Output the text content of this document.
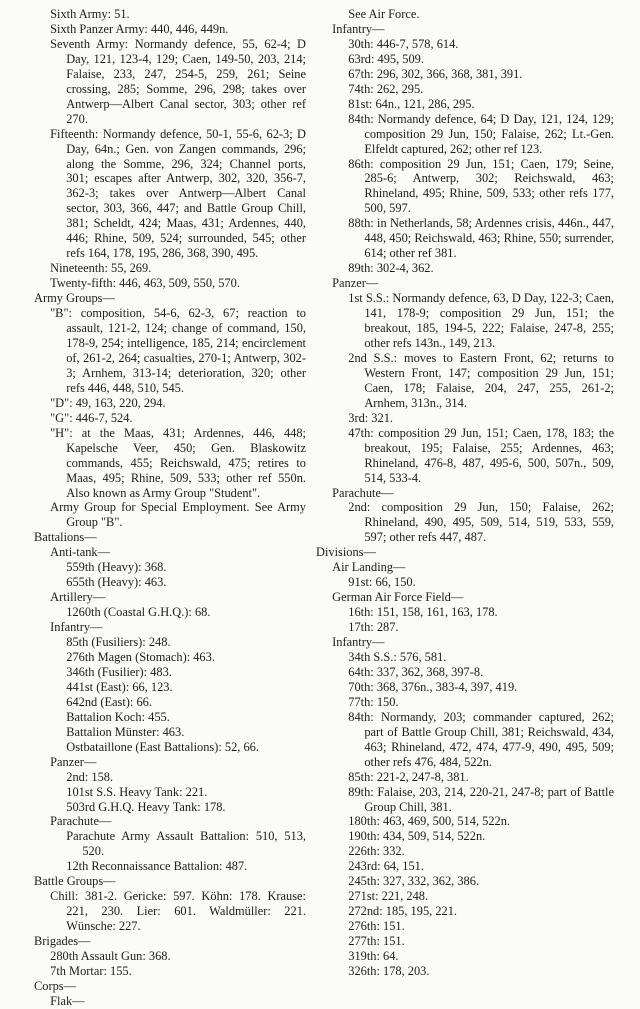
Sixth Army: 51.
Sixth Panzer Army: 440, 446, 449n.
Seventh Army: Normandy defence, 55, 62-4; D Day, 121, 123-4, 129; Caen, 149-50, 203, 214; Falaise, 233, 247, 254-5, 259, 261; Seine crossing, 285; Somme, 296, 298; takes over Antwerp—Albert Canal sector, 303; other ref 270.
Fifteenth: Normandy defence, 50-1, 55-6, 62-3; D Day, 64n.; Gen. von Zangen commands, 296; along the Somme, 296, 324; Channel ports, 301; escapes after Antwerp, 302, 320, 356-7, 362-3; takes over Antwerp—Albert Canal sector, 303, 366, 447; and Battle Group Chill, 381; Scheldt, 424; Maas, 431; Ardennes, 440, 446; Rhine, 509, 524; surrounded, 545; other refs 164, 178, 195, 286, 368, 390, 495.
Nineteenth: 55, 269.
Twenty-fifth: 446, 463, 509, 550, 570.
Army Groups—
"B": composition, 54-6, 62-3, 67; reaction to assault, 121-2, 124; change of command, 150, 178-9, 254; intelligence, 185, 214; encirclement of, 261-2, 264; casualties, 270-1; Antwerp, 302-3; Arnhem, 313-14; deterioration, 320; other refs 446, 448, 510, 545.
"D": 49, 163, 220, 294.
"G": 446-7, 524.
"H": at the Maas, 431; Ardennes, 446, 448; Kapelsche Veer, 450; Gen. Blaskowitz commands, 455; Reichswald, 475; retires to Maas, 495; Rhine, 509, 533; other ref 550n. Also known as Army Group "Student".
Army Group for Special Employment. See Army Group "B".
Battalions—
Anti-tank—
559th (Heavy): 368.
655th (Heavy): 463.
Artillery—
1260th (Coastal G.H.Q.): 68.
Infantry—
85th (Fusiliers): 248.
276th Magen (Stomach): 463.
346th (Fusilier): 483.
441st (East): 66, 123.
642nd (East): 66.
Battalion Koch: 455.
Battalion Münster: 463.
Ostbataillone (East Battalions): 52, 66.
Panzer—
2nd: 158.
101st S.S. Heavy Tank: 221.
503rd G.H.Q. Heavy Tank: 178.
Parachute—
Parachute Army Assault Battalion: 510, 513, 520.
12th Reconnaissance Battalion: 487.
Battle Groups—
Chill: 381-2. Gericke: 597. Köhn: 178. Krause: 221, 230. Lier: 601. Waldmüller: 221. Wünsche: 227.
Brigades—
280th Assault Gun: 368.
7th Mortar: 155.
Corps—
Flak—
See Air Force.
Infantry—
30th: 446-7, 578, 614.
63rd: 495, 509.
67th: 296, 302, 366, 368, 381, 391.
74th: 262, 295.
81st: 64n., 121, 286, 295.
84th: Normandy defence, 64; D Day, 121, 124, 129; composition 29 Jun, 150; Falaise, 262; Lt.-Gen. Elfeldt captured, 262; other ref 123.
86th: composition 29 Jun, 151; Caen, 179; Seine, 285-6; Antwerp, 302; Reichswald, 463; Rhineland, 495; Rhine, 509, 533; other refs 177, 500, 597.
88th: in Netherlands, 58; Ardennes crisis, 446n., 447, 448, 450; Reichswald, 463; Rhine, 550; surrender, 614; other ref 381.
89th: 302-4, 362.
Panzer—
1st S.S.: Normandy defence, 63, D Day, 122-3; Caen, 141, 178-9; composition 29 Jun, 151; the breakout, 185, 194-5, 222; Falaise, 247-8, 255; other refs 143n., 149, 213.
2nd S.S.: moves to Eastern Front, 62; returns to Western Front, 147; composition 29 Jun, 151; Caen, 178; Falaise, 204, 247, 255, 261-2; Arnhem, 313n., 314.
3rd: 321.
47th: composition 29 Jun, 151; Caen, 178, 183; the breakout, 195; Falaise, 255; Ardennes, 463; Rhineland, 476-8, 487, 495-6, 500, 507n., 509, 514, 533-4.
Parachute—
2nd: composition 29 Jun, 150; Falaise, 262; Rhineland, 490, 495, 509, 514, 519, 533, 559, 597; other refs 447, 487.
Divisions—
Air Landing—
91st: 66, 150.
German Air Force Field—
16th: 151, 158, 161, 163, 178.
17th: 287.
Infantry—
34th S.S.: 576, 581.
64th: 337, 362, 368, 397-8.
70th: 368, 376n., 383-4, 397, 419.
77th: 150.
84th: Normandy, 203; commander captured, 262; part of Battle Group Chill, 381; Reichswald, 434, 463; Rhineland, 472, 474, 477-9, 490, 495, 509; other refs 476, 484, 522n.
85th: 221-2, 247-8, 381.
89th: Falaise, 203, 214, 220-21, 247-8; part of Battle Group Chill, 381.
180th: 463, 469, 500, 514, 522n.
190th: 434, 509, 514, 522n.
226th: 332.
243rd: 64, 151.
245th: 327, 332, 362, 386.
271st: 221, 248.
272nd: 185, 195, 221.
276th: 151.
277th: 151.
319th: 64.
326th: 178, 203.
